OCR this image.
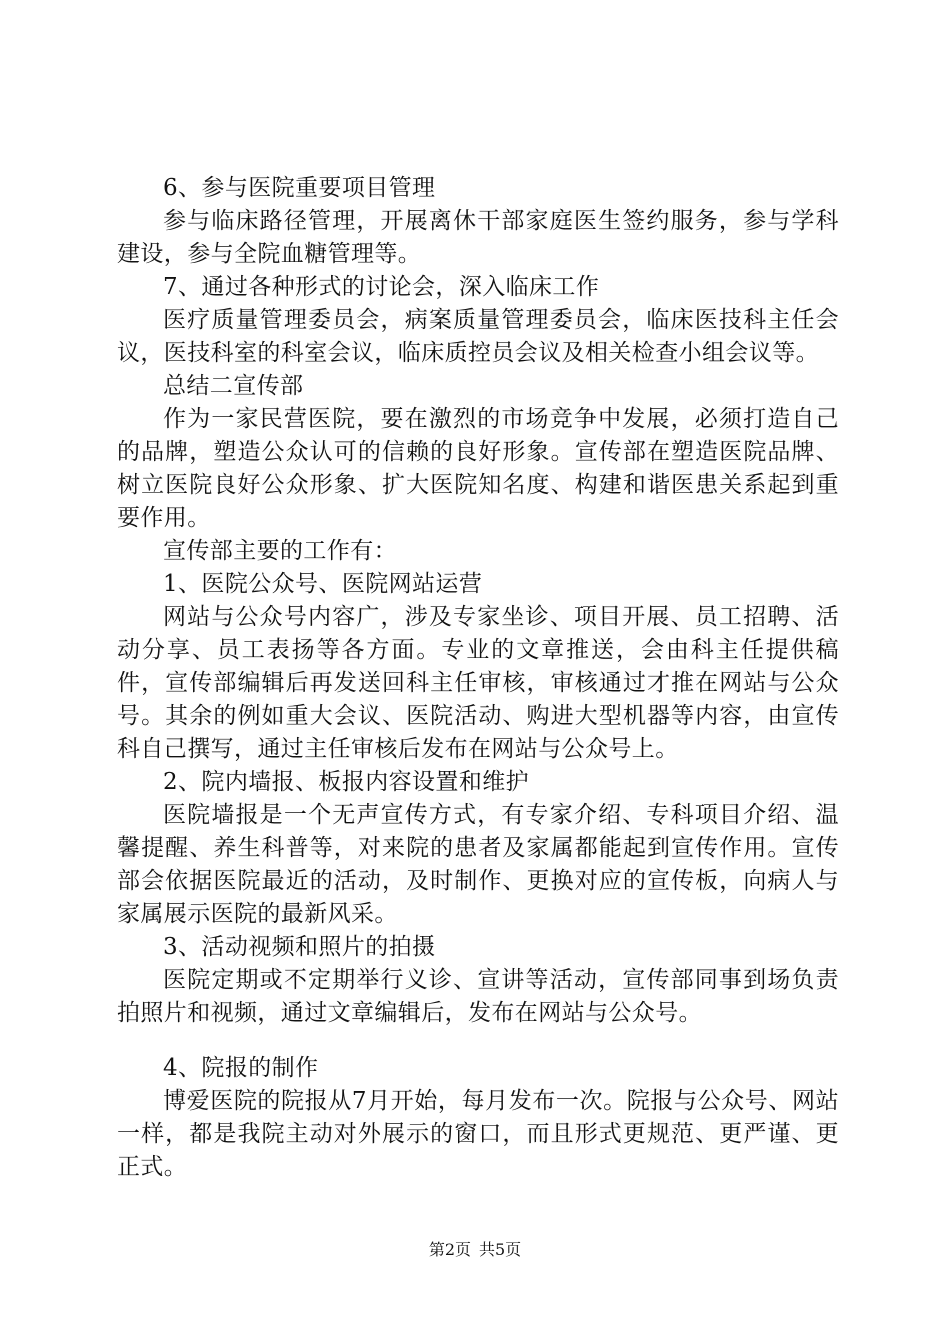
6、参与医院重要项目管理

参与临床路径管理，开展离休干部家庭医生签约服务，参与学科建设，参与全院血糖管理等。

7、通过各种形式的讨论会，深入临床工作

医疗质量管理委员会，病案质量管理委员会，临床医技科主任会议，医技科室的科室会议，临床质控员会议及相关检查小组会议等。

总结二宣传部

作为一家民营医院，要在激烈的市场竞争中发展，必须打造自己的品牌，塑造公众认可的信赖的良好形象。宣传部在塑造医院品牌、树立医院良好公众形象、扩大医院知名度、构建和谐医患关系起到重要作用。

宣传部主要的工作有：

1、医院公众号、医院网站运营

网站与公众号内容广，涉及专家坐诊、项目开展、员工招聘、活动分享、员工表扬等各方面。专业的文章推送，会由科主任提供稿件，宣传部编辑后再发送回科主任审核，审核通过才推在网站与公众号。其余的例如重大会议、医院活动、购进大型机器等内容，由宣传科自己撰写，通过主任审核后发布在网站与公众号上。

2、院内墙报、板报内容设置和维护

医院墙报是一个无声宣传方式，有专家介绍、专科项目介绍、温馨提醒、养生科普等，对来院的患者及家属都能起到宣传作用。宣传部会依据医院最近的活动，及时制作、更换对应的宣传板，向病人与家属展示医院的最新风采。

3、活动视频和照片的拍摄

医院定期或不定期举行义诊、宣讲等活动，宣传部同事到场负责拍照片和视频，通过文章编辑后，发布在网站与公众号。

4、院报的制作

博爱医院的院报从7月开始，每月发布一次。院报与公众号、网站一样，都是我院主动对外展示的窗口，而且形式更规范、更严谨、更正式。

第2页 共5页
